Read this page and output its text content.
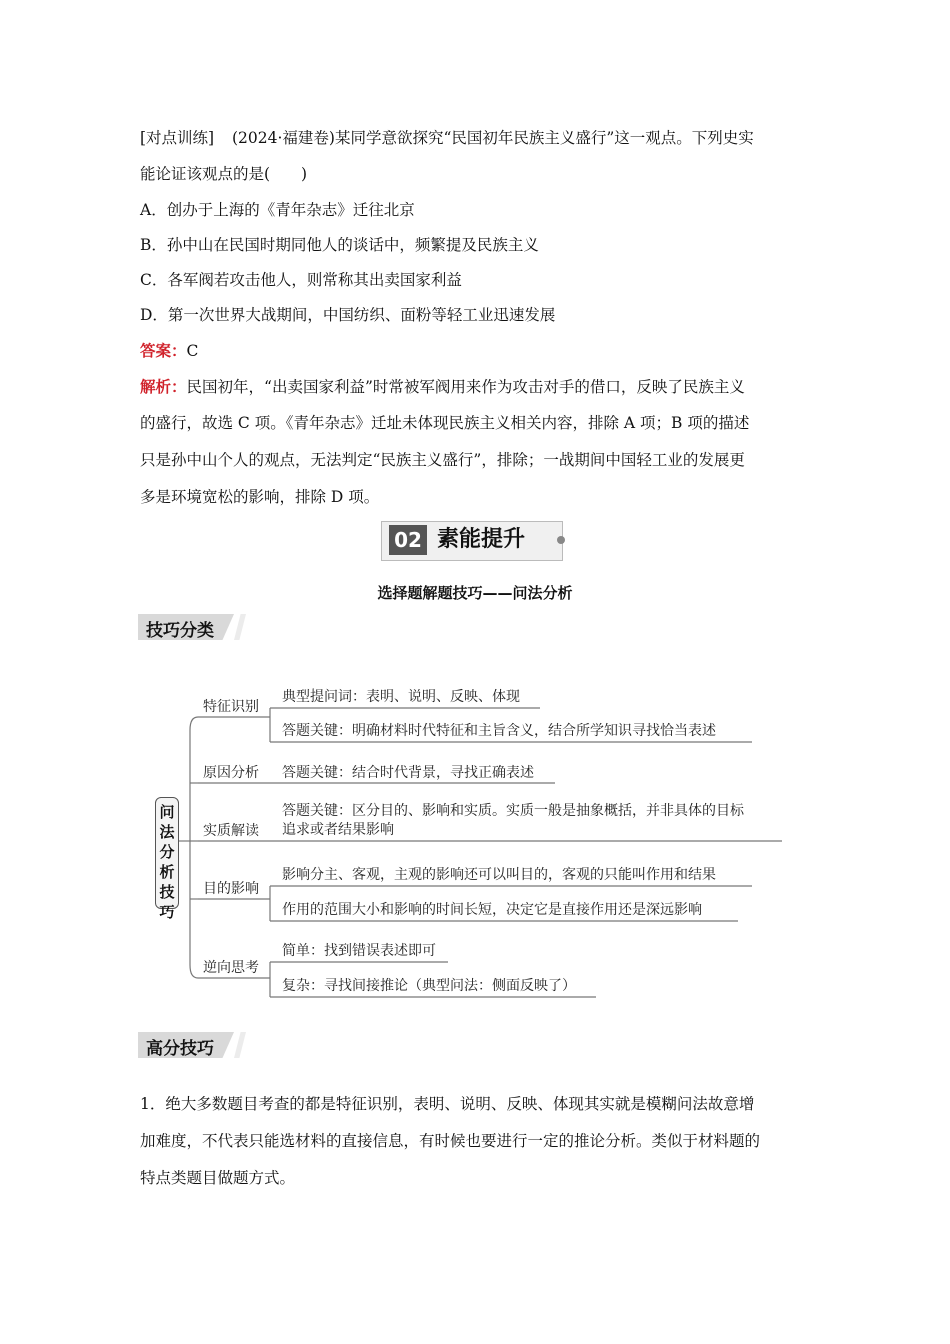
[对点训练] (2024·福建卷)某同学意欲探究“民国初年民族主义盛行”这一观点。下列史实
能论证该观点的是(　　)
A．创办于上海的《青年杂志》迁往北京
B．孙中山在民国时期同他人的谈话中，频繁提及民族主义
C．各军阀若攻击他人，则常称其出卖国家利益
D．第一次世界大战期间，中国纺织、面粉等轻工业迅速发展
答案：C
解析：民国初年，“出卖国家利益”时常被军阀用来作为攻击对手的借口，反映了民族主义
的盛行，故选 C 项。《青年杂志》迁址未体现民族主义相关内容，排除 A 项；B 项的描述
只是孙中山个人的观点，无法判定“民族主义盛行”，排除；一战期间中国轻工业的发展更
多是环境宽松的影响，排除 D 项。
02 素能提升
选择题解题技巧——问法分析
技巧分类
问法分析技巧
特征识别
原因分析
实质解读
目的影响
逆向思考
典型提问词：表明、说明、反映、体现
答题关键：明确材料时代特征和主旨含义，结合所学知识寻找恰当表述
答题关键：结合时代背景，寻找正确表述
答题关键：区分目的、影响和实质。实质一般是抽象概括，并非具体的目标
追求或者结果影响
影响分主、客观，主观的影响还可以叫目的，客观的只能叫作用和结果
作用的范围大小和影响的时间长短，决定它是直接作用还是深远影响
简单：找到错误表述即可
复杂：寻找间接推论（典型问法：侧面反映了）
高分技巧
1．绝大多数题目考查的都是特征识别，表明、说明、反映、体现其实就是模糊问法故意增
加难度，不代表只能选材料的直接信息，有时候也要进行一定的推论分析。类似于材料题的
特点类题目做题方式。
